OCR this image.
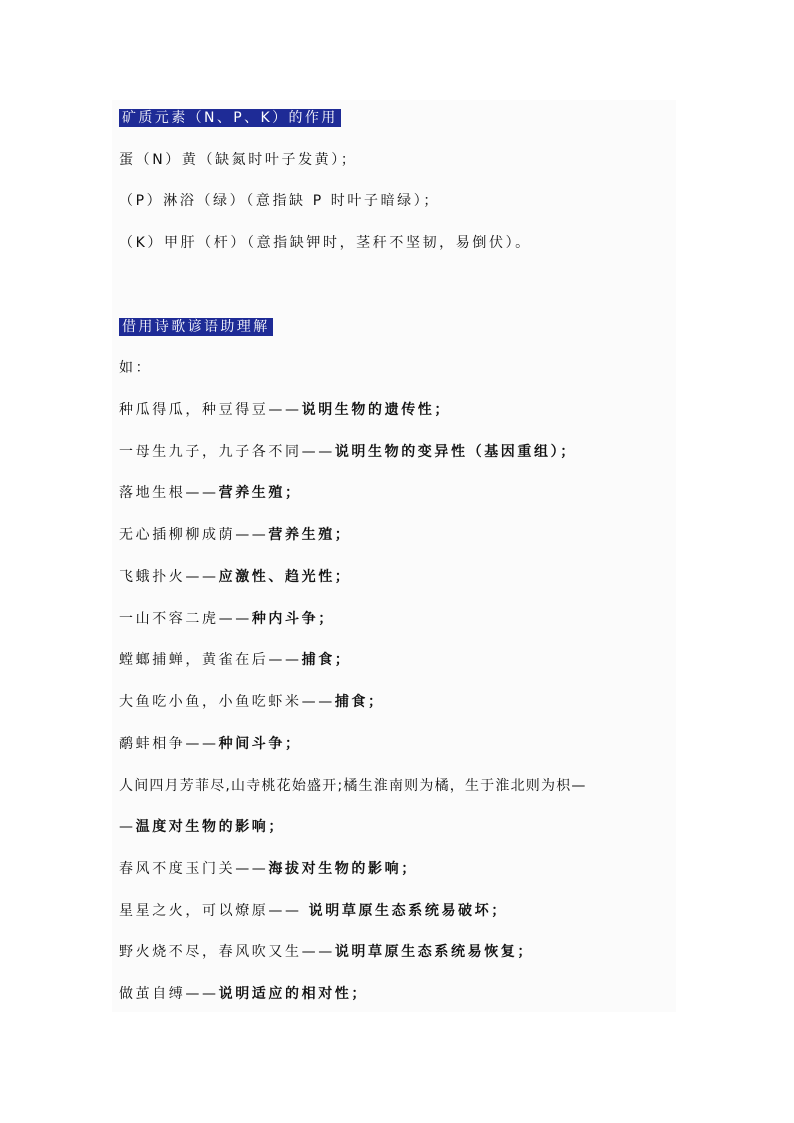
矿质元素（N、P、K）的作用
蛋（N）黄（缺氮时叶子发黄）；
（P）淋浴（绿）（意指缺 P 时叶子暗绿）；
（K）甲肝（杆）（意指缺钾时，茎秆不坚韧，易倒伏）。
借用诗歌谚语助理解
如：
种瓜得瓜，种豆得豆——说明生物的遗传性；
一母生九子，九子各不同——说明生物的变异性（基因重组）；
落地生根——营养生殖；
无心插柳柳成荫——营养生殖；
飞蛾扑火——应激性、趋光性；
一山不容二虎——种内斗争；
螳螂捕蝉，黄雀在后——捕食；
大鱼吃小鱼，小鱼吃虾米——捕食；
鹬蚌相争——种间斗争；
人间四月芳菲尽,山寺桃花始盛开;橘生淮南则为橘，生于淮北则为枳—
—温度对生物的影响；
春风不度玉门关——海拔对生物的影响；
星星之火，可以燎原—— 说明草原生态系统易破坏；
野火烧不尽，春风吹又生——说明草原生态系统易恢复；
做茧自缚——说明适应的相对性；
